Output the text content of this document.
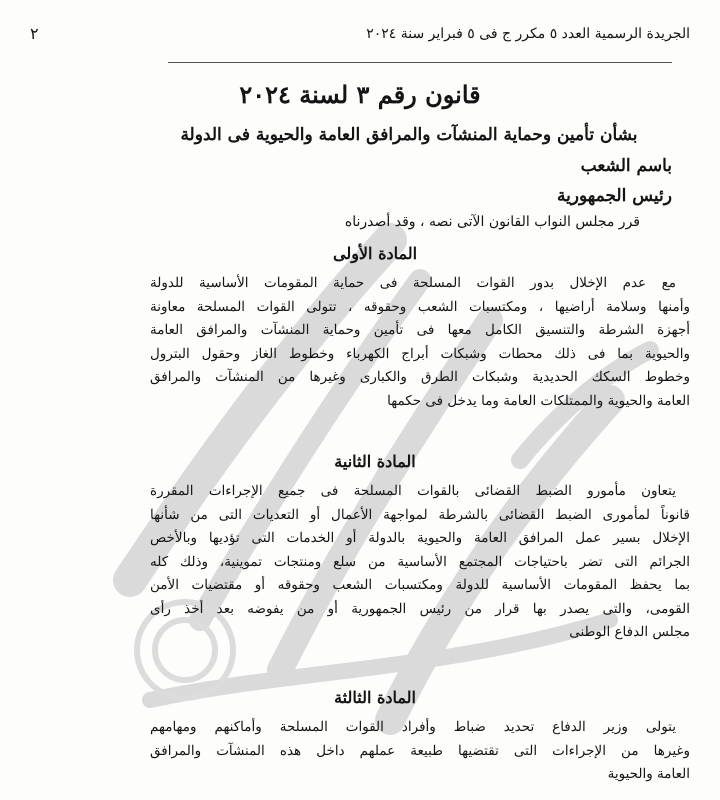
٢	الجريدة الرسمية العدد ٥ مكرر ج فى ٥ فبراير سنة ٢٠٢٤
قانون رقم ٣ لسنة ٢٠٢٤
بشأن تأمين وحماية المنشآت والمرافق العامة والحيوية فى الدولة
باسم الشعب
رئيس الجمهورية
قرر مجلس النواب القانون الآتى نصه ، وقد أصدرناه
المادة الأولى
مع عدم الإخلال بدور القوات المسلحة فى حماية المقومات الأساسية للدولة
وأمنها وسلامة أراضيها ، ومكتسبات الشعب وحقوقه ، تتولى القوات المسلحة معاونة
أجهزة الشرطة والتنسيق الكامل معها فى تأمين وحماية المنشآت والمرافق العامة
والحيوية بما فى ذلك محطات وشبكات أبراج الكهرباء وخطوط الغاز وحقول البترول
وخطوط السكك الحديدية وشبكات الطرق والكبارى وغيرها من المنشآت والمرافق
العامة والحيوية والممتلكات العامة وما يدخل فى حكمها
المادة الثانية
يتعاون مأمورو الضبط القضائى بالقوات المسلحة فى جميع الإجراءات المقررة
قانوناً لمأمورى الضبط القضائى بالشرطة لمواجهة الأعمال أو التعديات التى من شأنها
الإخلال بسير عمل المرافق العامة والحيوية بالدولة أو الخدمات التى تؤديها وبالأخص
الجرائم التى تضر باحتياجات المجتمع الأساسية من سلع ومنتجات تموينية، وذلك كله
بما يحفظ المقومات الأساسية للدولة ومكتسبات الشعب وحقوقه أو مقتضيات الأمن
القومى، والتى يصدر بها قرار من رئيس الجمهورية أو من يفوضه بعد أخذ رأى
مجلس الدفاع الوطنى
المادة الثالثة
يتولى وزير الدفاع تحديد ضباط وأفراد القوات المسلحة وأماكنهم ومهامهم
وغيرها من الإجراءات التى تقتضيها طبيعة عملهم داخل هذه المنشآت والمرافق
العامة والحيوية
